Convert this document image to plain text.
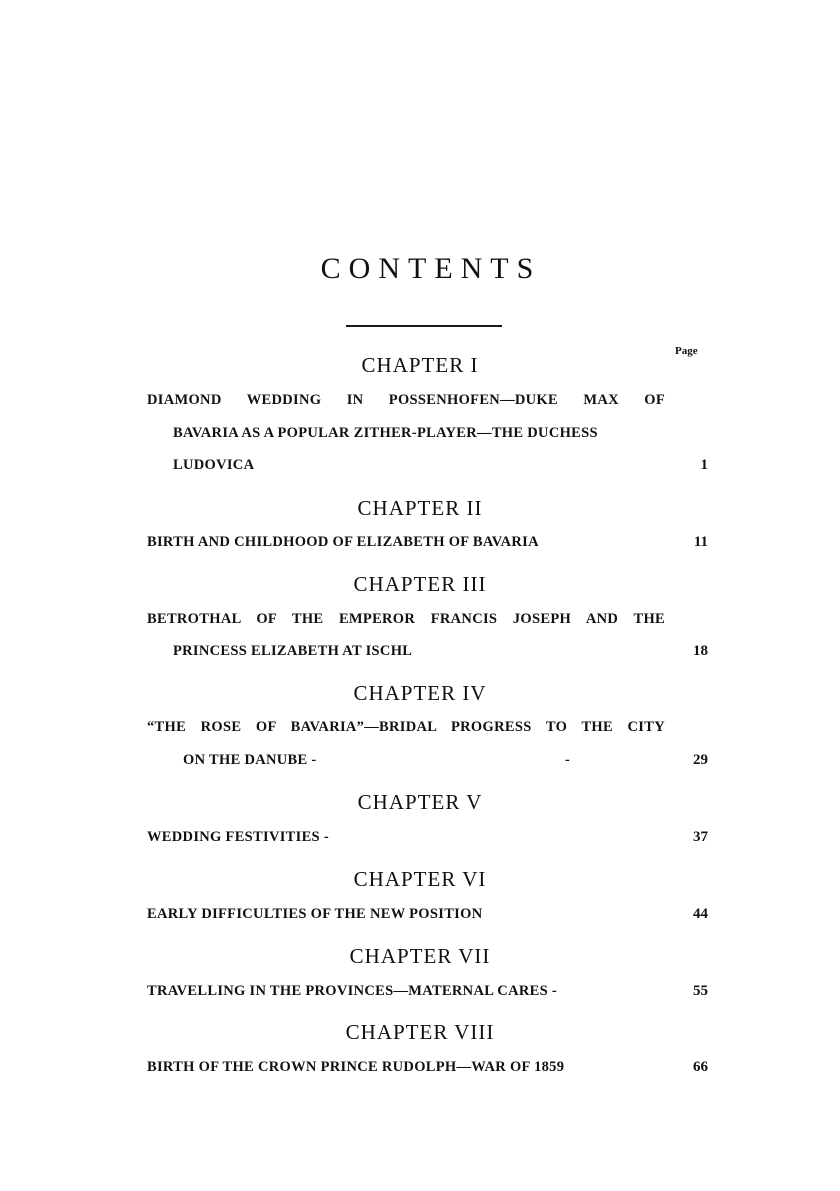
CONTENTS
Page
CHAPTER I
DIAMOND WEDDING IN POSSENHOFEN—DUKE MAX OF
BAVARIA AS A POPULAR ZITHER-PLAYER—THE DUCHESS
LUDOVICA	1
CHAPTER II
BIRTH AND CHILDHOOD OF ELIZABETH OF BAVARIA	11
CHAPTER III
BETROTHAL OF THE EMPEROR FRANCIS JOSEPH AND THE
PRINCESS ELIZABETH AT ISCHL	18
CHAPTER IV
“THE ROSE OF BAVARIA”—BRIDAL PROGRESS TO THE CITY
ON THE DANUBE -	-	29
CHAPTER V
WEDDING FESTIVITIES -	37
CHAPTER VI
EARLY DIFFICULTIES OF THE NEW POSITION	44
CHAPTER VII
TRAVELLING IN THE PROVINCES—MATERNAL CARES -	55
CHAPTER VIII
BIRTH OF THE CROWN PRINCE RUDOLPH—WAR OF 1859	66
